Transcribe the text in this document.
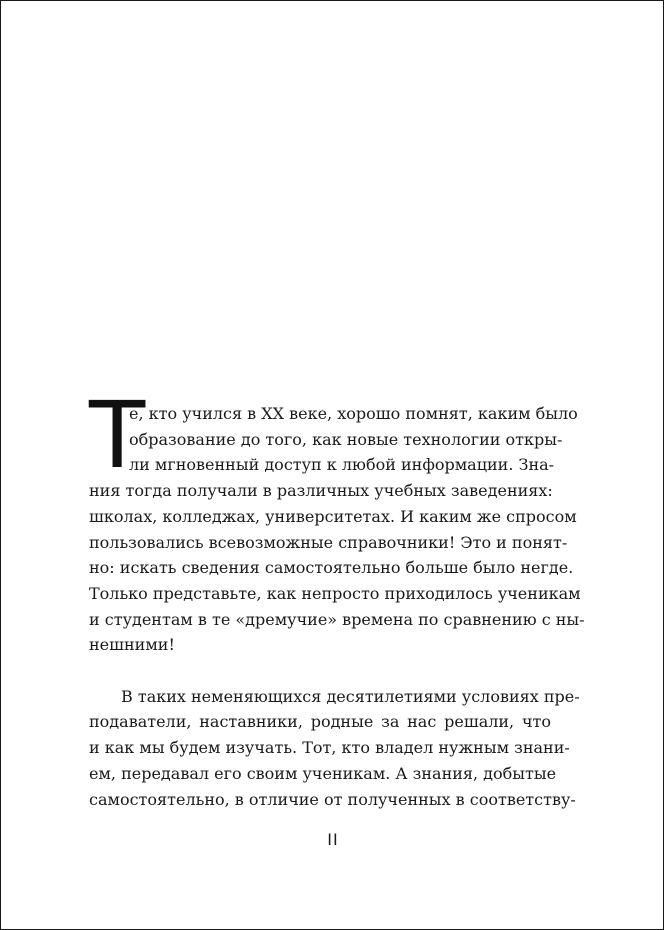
Т
е, кто учился в XX веке, хорошо помнят, каким было
образование до того, как новые технологии откры-
ли мгновенный доступ к любой информации. Зна-
ния тогда получали в различных учебных заведениях:
школах, колледжах, университетах. И каким же спросом
пользовались всевозможные справочники! Это и понят-
но: искать сведения самостоятельно больше было негде.
Только представьте, как непросто приходилось ученикам
и студентам в те «дремучие» времена по сравнению с ны-
нешними!
В таких неменяющихся десятилетиями условиях пре-
подаватели, наставники, родные за нас решали, что
и как мы будем изучать. Тот, кто владел нужным знани-
ем, передавал его своим ученикам. А знания, добытые
самостоятельно, в отличие от полученных в соответству-
II
